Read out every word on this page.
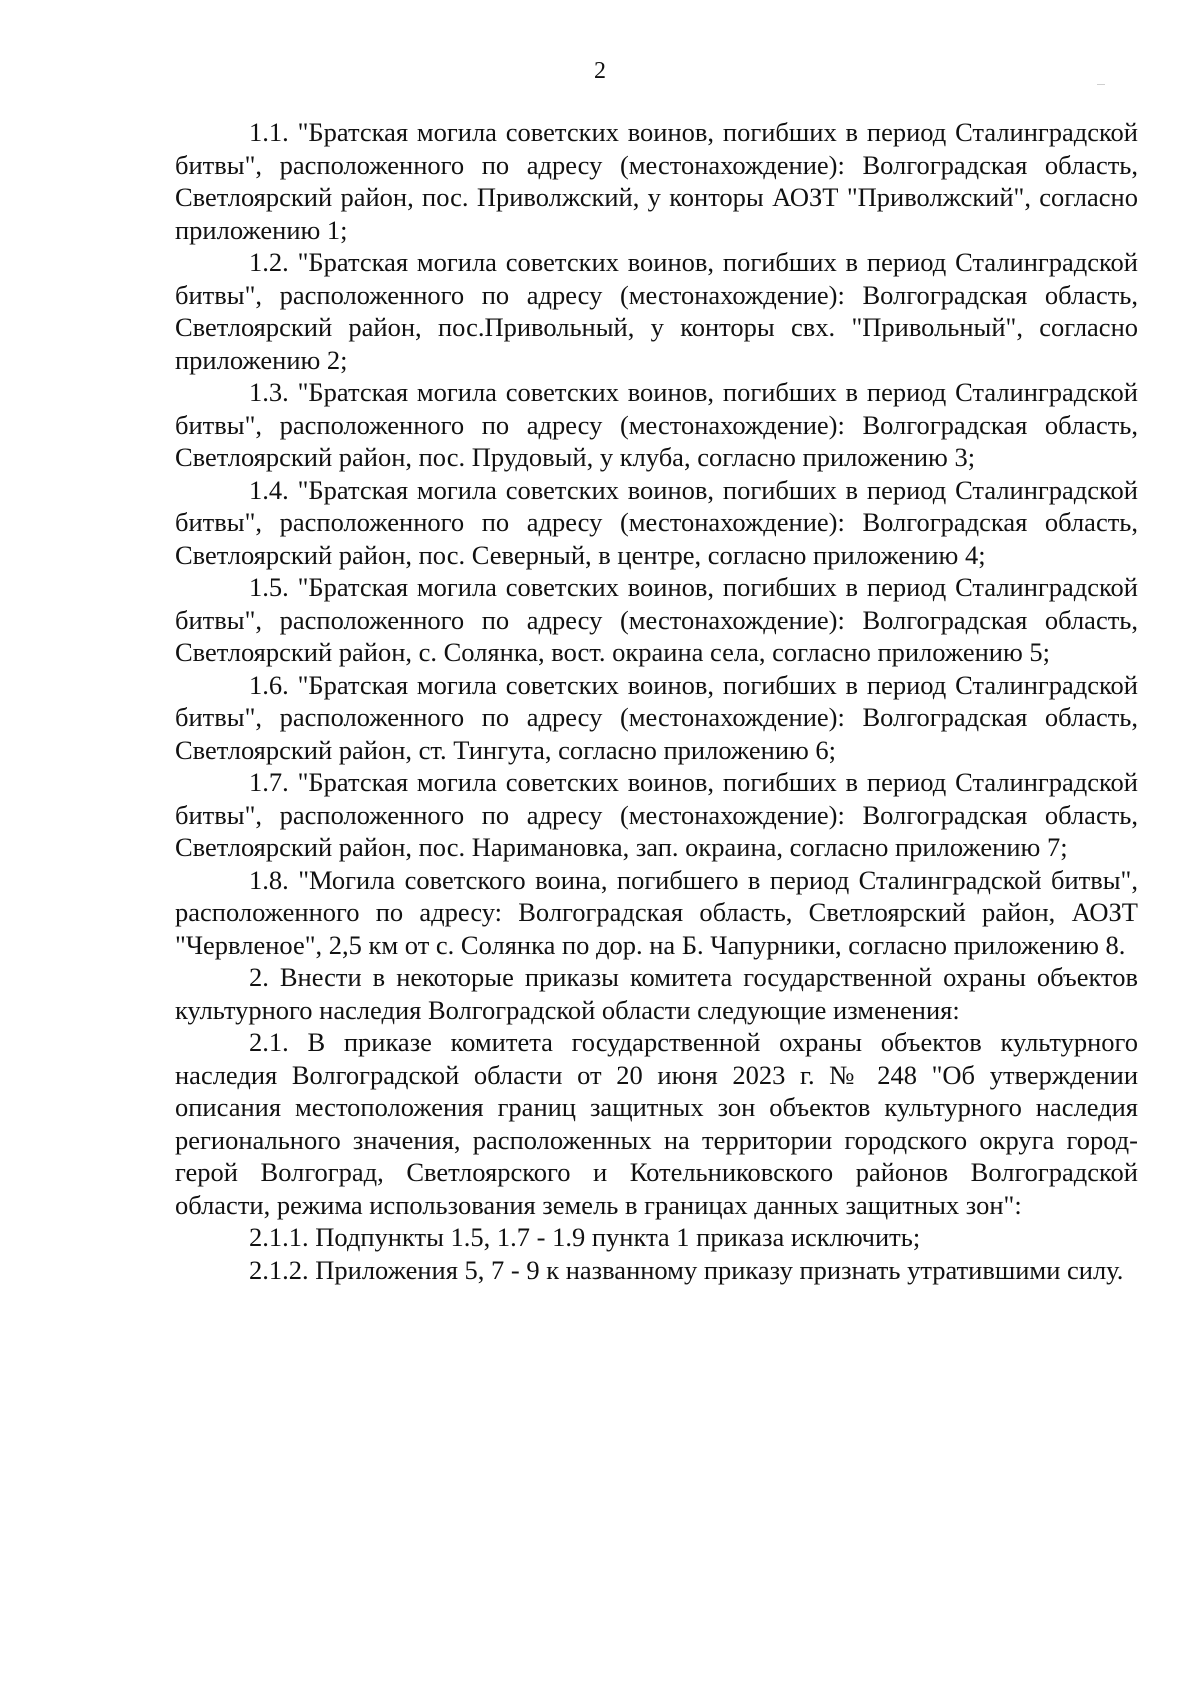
2

1.1. "Братская могила советских воинов, погибших в период Сталинградской битвы", расположенного по адресу (местонахождение): Волгоградская область, Светлоярский район, пос. Приволжский, у конторы АОЗТ "Приволжский", согласно приложению 1;

1.2. "Братская могила советских воинов, погибших в период Сталинградской битвы", расположенного по адресу (местонахождение): Волгоградская область, Светлоярский район, пос.Привольный, у конторы свх. "Привольный", согласно приложению 2;

1.3. "Братская могила советских воинов, погибших в период Сталинградской битвы", расположенного по адресу (местонахождение): Волгоградская область, Светлоярский район, пос. Прудовый, у клуба, согласно приложению 3;

1.4. "Братская могила советских воинов, погибших в период Сталинградской битвы", расположенного по адресу (местонахождение): Волгоградская область, Светлоярский район, пос. Северный, в центре, согласно приложению 4;

1.5. "Братская могила советских воинов, погибших в период Сталинградской битвы", расположенного по адресу (местонахождение): Волгоградская область, Светлоярский район, с. Солянка, вост. окраина села, согласно приложению 5;

1.6. "Братская могила советских воинов, погибших в период Сталинградской битвы", расположенного по адресу (местонахождение): Волгоградская область, Светлоярский район, ст. Тингута, согласно приложению 6;

1.7. "Братская могила советских воинов, погибших в период Сталинградской битвы", расположенного по адресу (местонахождение): Волгоградская область, Светлоярский район, пос. Наримановка, зап. окраина, согласно приложению 7;

1.8. "Могила советского воина, погибшего в период Сталинградской битвы", расположенного по адресу: Волгоградская область, Светлоярский район, АОЗТ "Червленое", 2,5 км от с. Солянка по дор. на Б. Чапурники, согласно приложению 8.

2. Внести в некоторые приказы комитета государственной охраны объектов культурного наследия Волгоградской области следующие изменения:

2.1. В приказе комитета государственной охраны объектов культурного наследия Волгоградской области от 20 июня 2023 г. № 248 "Об утверждении описания местоположения границ защитных зон объектов культурного наследия регионального значения, расположенных на территории городского округа город-герой Волгоград, Светлоярского и Котельниковского районов Волгоградской области, режима использования земель в границах данных защитных зон":

2.1.1. Подпункты 1.5, 1.7 - 1.9 пункта 1 приказа исключить;

2.1.2. Приложения 5, 7 - 9 к названному приказу признать утратившими силу.
